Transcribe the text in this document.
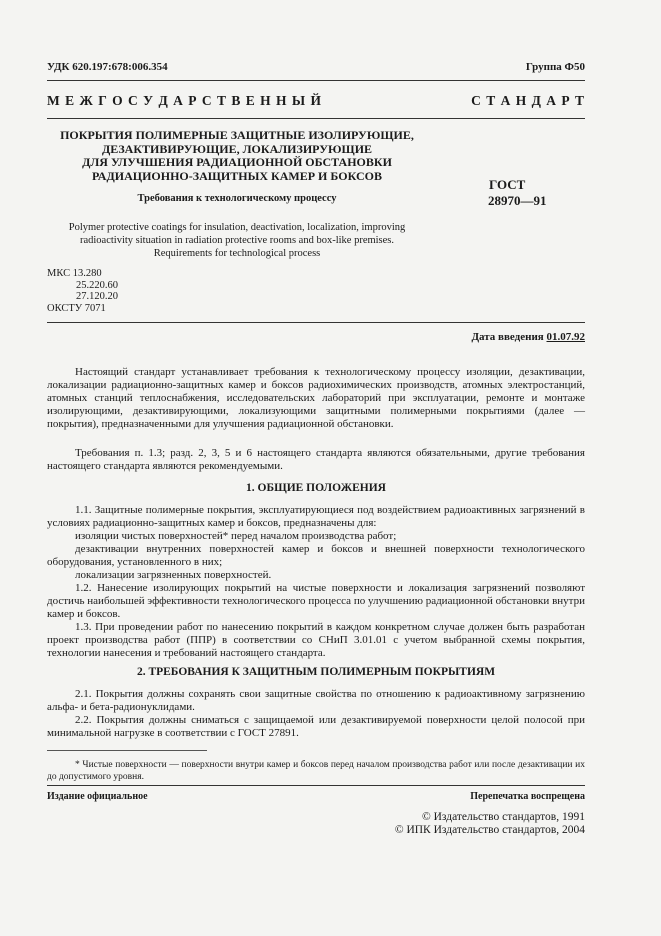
УДК 620.197:678:006.354	Группа Ф50
М Е Ж Г О С У Д А Р С Т В Е Н Н Ы Й	С Т А Н Д А Р Т
ПОКРЫТИЯ ПОЛИМЕРНЫЕ ЗАЩИТНЫЕ ИЗОЛИРУЮЩИЕ,
ДЕЗАКТИВИРУЮЩИЕ, ЛОКАЛИЗИРУЮЩИЕ
ДЛЯ УЛУЧШЕНИЯ РАДИАЦИОННОЙ ОБСТАНОВКИ
РАДИАЦИОННО-ЗАЩИТНЫХ КАМЕР И БОКСОВ
Требования к технологическому процессу
ГОСТ
28970—91
Polymer protective coatings for insulation, deactivation, localization, improving
radioactivity situation in radiation protective rooms and box-like premises.
Requirements for technological process
МКС 13.280
25.220.60
27.120.20
ОКСТУ 7071
Дата введения 01.07.92
Настоящий стандарт устанавливает требования к технологическому процессу изоляции, дезактивации, локализации радиационно-защитных камер и боксов радиохимических производств, атомных электростанций, атомных станций теплоснабжения, исследовательских лабораторий при эксплуатации, ремонте и монтаже изолирующими, дезактивирующими, локализующими защитными полимерными покрытиями (далее — покрытия), предназначенными для улучшения радиационной обстановки.
Требования п. 1.3; разд. 2, 3, 5 и 6 настоящего стандарта являются обязательными, другие требования настоящего стандарта являются рекомендуемыми.
1. ОБЩИЕ ПОЛОЖЕНИЯ
1.1. Защитные полимерные покрытия, эксплуатирующиеся под воздействием радиоактивных загрязнений в условиях радиационно-защитных камер и боксов, предназначены для:
изоляции чистых поверхностей* перед началом производства работ;
дезактивации внутренних поверхностей камер и боксов и внешней поверхности технологического оборудования, установленного в них;
локализации загрязненных поверхностей.
1.2. Нанесение изолирующих покрытий на чистые поверхности и локализация загрязнений позволяют достичь наибольшей эффективности технологического процесса по улучшению радиационной обстановки внутри камер и боксов.
1.3. При проведении работ по нанесению покрытий в каждом конкретном случае должен быть разработан проект производства работ (ППР) в соответствии со СНиП 3.01.01 с учетом выбранной схемы покрытия, технологии нанесения и требований настоящего стандарта.
2. ТРЕБОВАНИЯ К ЗАЩИТНЫМ ПОЛИМЕРНЫМ ПОКРЫТИЯМ
2.1. Покрытия должны сохранять свои защитные свойства по отношению к радиоактивному загрязнению альфа- и бета-радионуклидами.
2.2. Покрытия должны сниматься с защищаемой или дезактивируемой поверхности целой полосой при минимальной нагрузке в соответствии с ГОСТ 27891.
* Чистые поверхности — поверхности внутри камер и боксов перед началом производства работ или после дезактивации их до допустимого уровня.
Издание официальное	Перепечатка воспрещена
© Издательство стандартов, 1991
© ИПК Издательство стандартов, 2004
